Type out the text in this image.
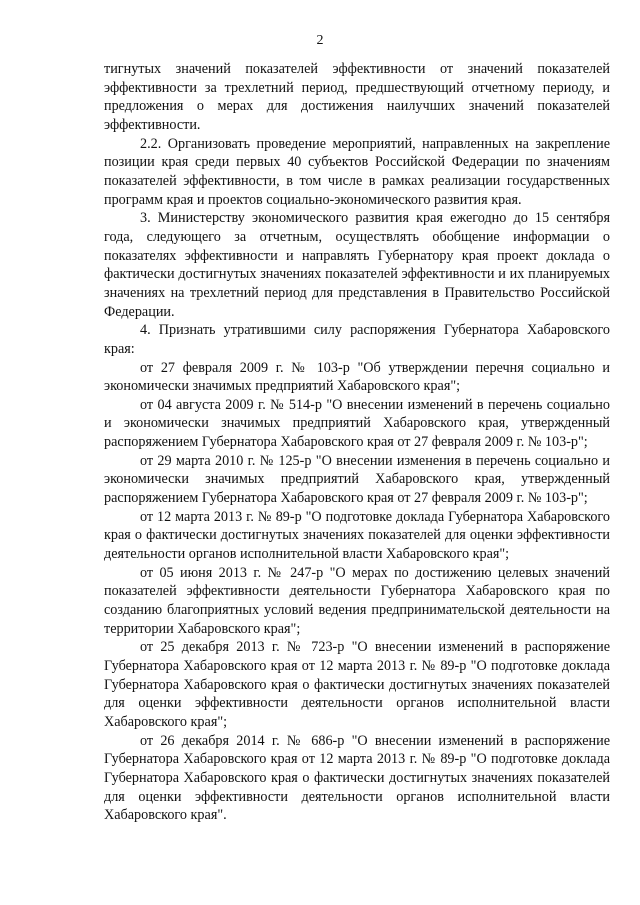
2

тигнутых значений показателей эффективности от значений показателей эффективности за трехлетний период, предшествующий отчетному периоду, и предложения о мерах для достижения наилучших значений показателей эффективности.

2.2. Организовать проведение мероприятий, направленных на закрепление позиции края среди первых 40 субъектов Российской Федерации по значениям показателей эффективности, в том числе в рамках реализации государственных программ края и проектов социально-экономического развития края.

3. Министерству экономического развития края ежегодно до 15 сентября года, следующего за отчетным, осуществлять обобщение информации о показателях эффективности и направлять Губернатору края проект доклада о фактически достигнутых значениях показателей эффективности и их планируемых значениях на трехлетний период для представления в Правительство Российской Федерации.

4. Признать утратившими силу распоряжения Губернатора Хабаровского края:

от 27 февраля 2009 г. № 103-р "Об утверждении перечня социально и экономически значимых предприятий Хабаровского края";

от 04 августа 2009 г. № 514-р "О внесении изменений в перечень социально и экономически значимых предприятий Хабаровского края, утвержденный распоряжением Губернатора Хабаровского края от 27 февраля 2009 г. № 103-р";

от 29 марта 2010 г. № 125-р "О внесении изменения в перечень социально и экономически значимых предприятий Хабаровского края, утвержденный распоряжением Губернатора Хабаровского края от 27 февраля 2009 г. № 103-р";

от 12 марта 2013 г. № 89-р "О подготовке доклада Губернатора Хабаровского края о фактически достигнутых значениях показателей для оценки эффективности деятельности органов исполнительной власти Хабаровского края";

от 05 июня 2013 г. № 247-р "О мерах по достижению целевых значений показателей эффективности деятельности Губернатора Хабаровского края по созданию благоприятных условий ведения предпринимательской деятельности на территории Хабаровского края";

от 25 декабря 2013 г. № 723-р "О внесении изменений в распоряжение Губернатора Хабаровского края от 12 марта 2013 г. № 89-р "О подготовке доклада Губернатора Хабаровского края о фактически достигнутых значениях показателей для оценки эффективности деятельности органов исполнительной власти Хабаровского края";

от 26 декабря 2014 г. № 686-р "О внесении изменений в распоряжение Губернатора Хабаровского края от 12 марта 2013 г. № 89-р "О подготовке доклада Губернатора Хабаровского края о фактически достигнутых значениях показателей для оценки эффективности деятельности органов исполнительной власти Хабаровского края".
